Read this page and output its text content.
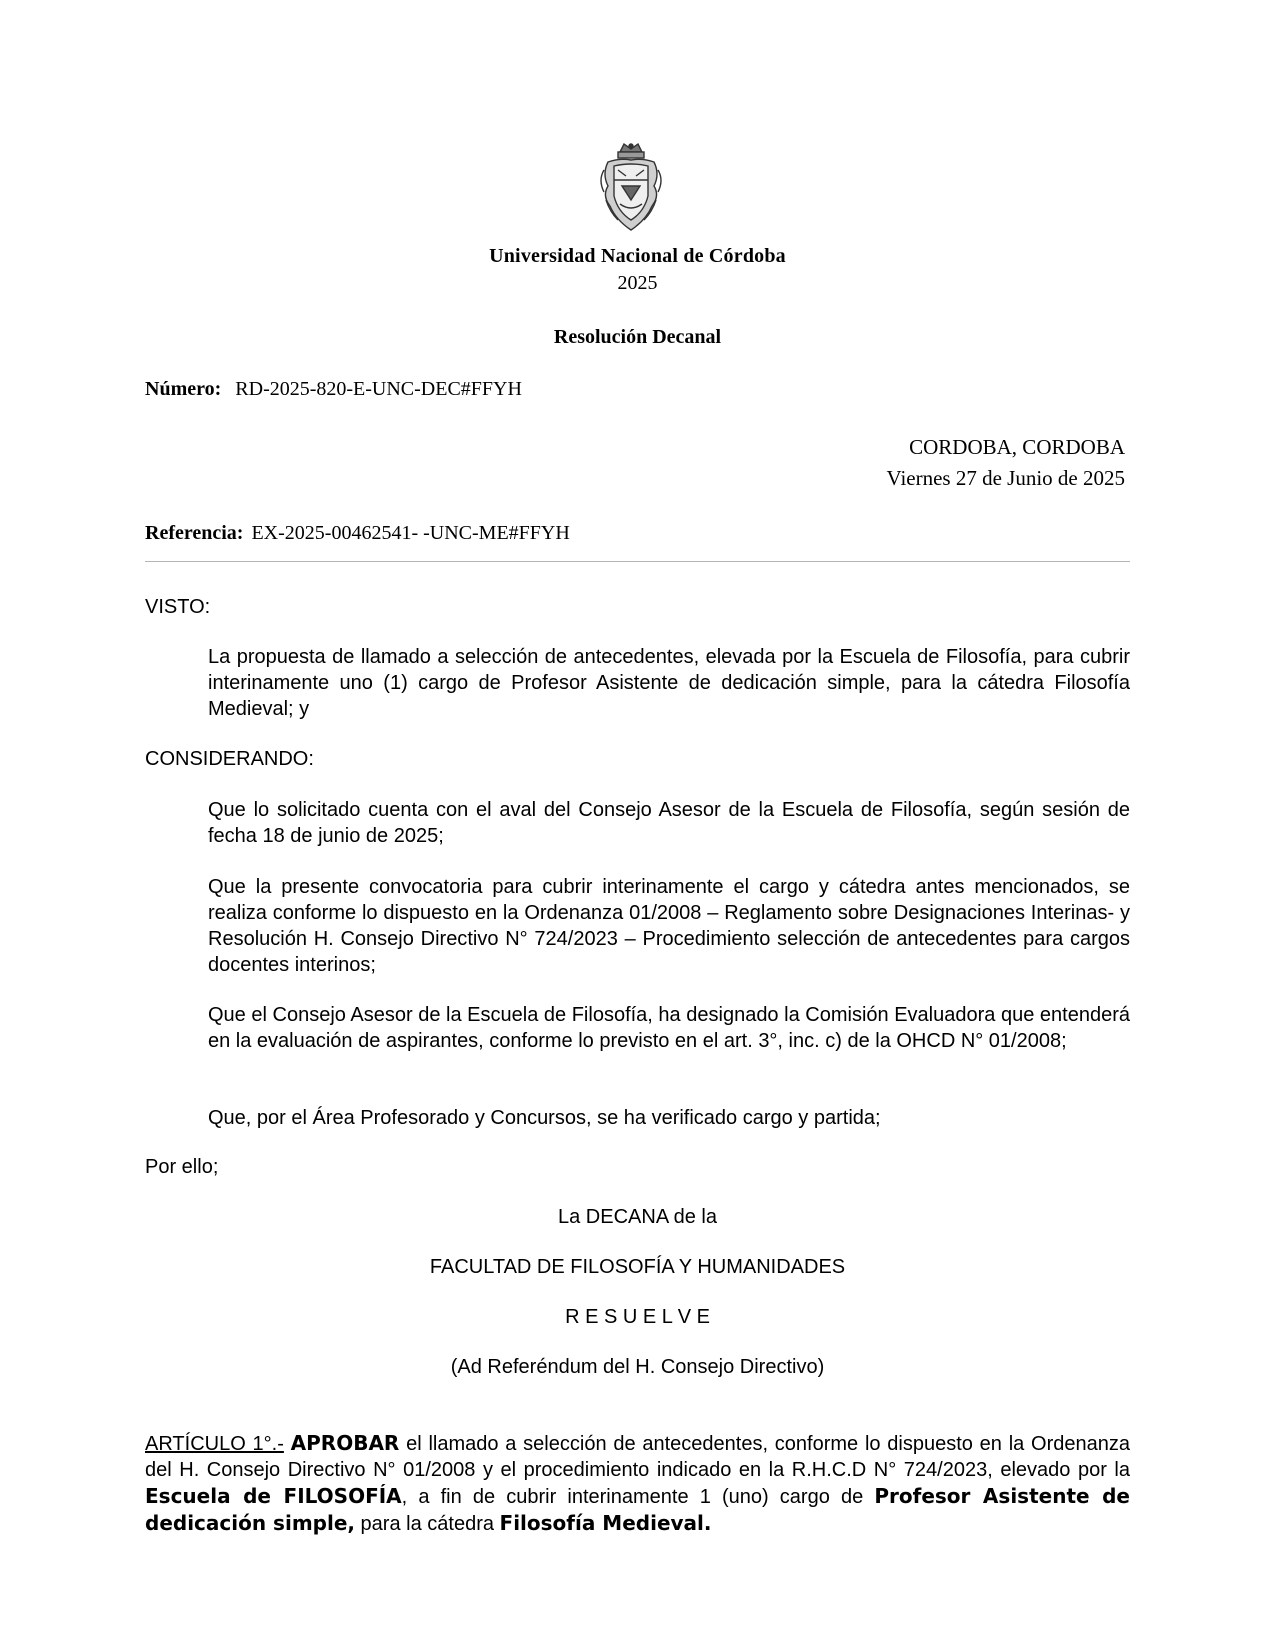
Universidad Nacional de Córdoba
2025
Resolución Decanal
Número: RD-2025-820-E-UNC-DEC#FFYH
CORDOBA, CORDOBA
Viernes 27 de Junio de 2025
Referencia: EX-2025-00462541- -UNC-ME#FFYH
VISTO:
La propuesta de llamado a selección de antecedentes, elevada por la Escuela de Filosofía, para cubrir interinamente uno (1) cargo de Profesor Asistente de dedicación simple, para la cátedra Filosofía Medieval; y
CONSIDERANDO:
Que lo solicitado cuenta con el aval del Consejo Asesor de la Escuela de Filosofía, según sesión de fecha 18 de junio de 2025;
Que la presente convocatoria para cubrir interinamente el cargo y cátedra antes mencionados, se realiza conforme lo dispuesto en la Ordenanza 01/2008 – Reglamento sobre Designaciones Interinas- y Resolución H. Consejo Directivo N° 724/2023 – Procedimiento selección de antecedentes para cargos docentes interinos;
Que el Consejo Asesor de la Escuela de Filosofía, ha designado la Comisión Evaluadora que entenderá en la evaluación de aspirantes, conforme lo previsto en el art. 3°, inc. c) de la OHCD N° 01/2008;
Que, por el Área Profesorado y Concursos, se ha verificado cargo y partida;
Por ello;
La DECANA de la
FACULTAD DE FILOSOFÍA Y HUMANIDADES
R E S U E L V E
(Ad Referéndum del H. Consejo Directivo)
ARTÍCULO 1°.- APROBAR el llamado a selección de antecedentes, conforme lo dispuesto en la Ordenanza del H. Consejo Directivo N° 01/2008 y el procedimiento indicado en la R.H.C.D N° 724/2023, elevado por la Escuela de FILOSOFÍA, a fin de cubrir interinamente 1 (uno) cargo de Profesor Asistente de dedicación simple, para la cátedra Filosofía Medieval.
